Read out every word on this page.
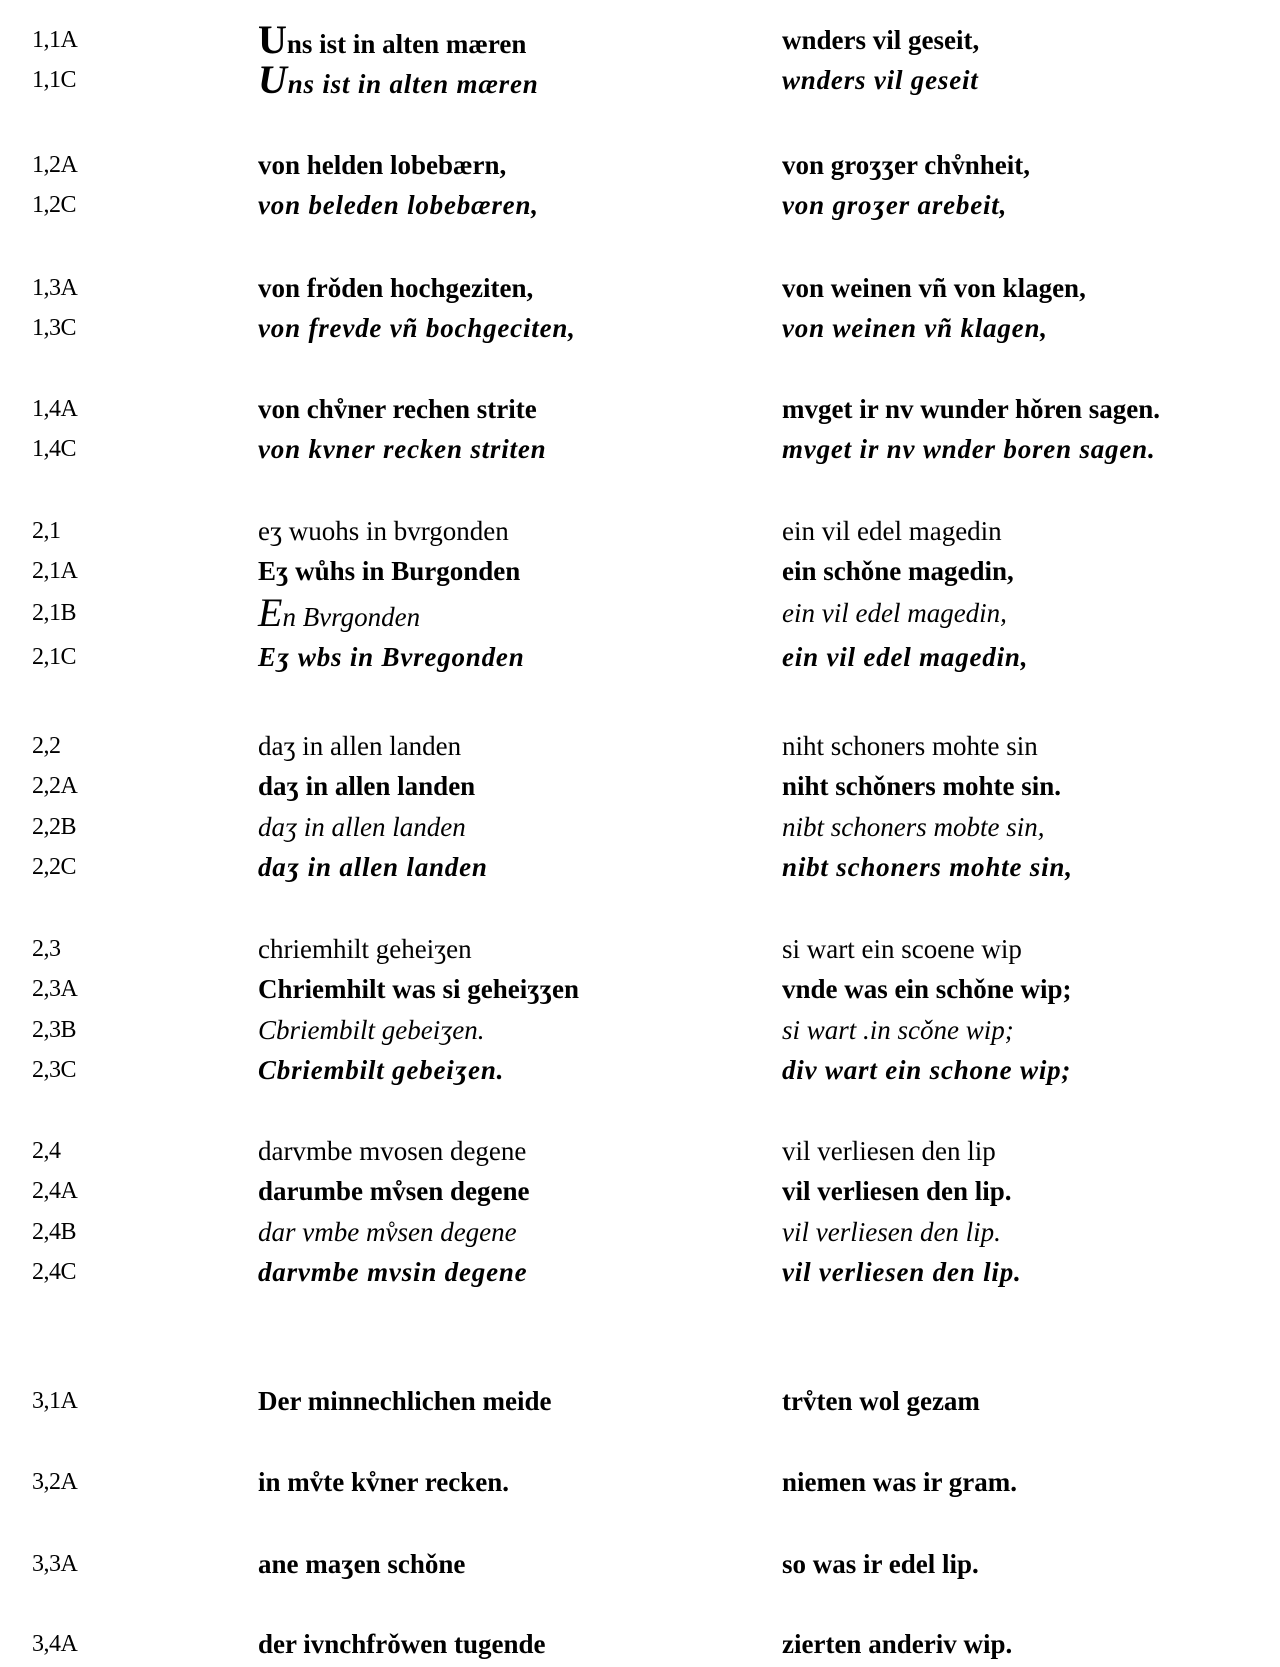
1,1A	Uns ist in alten mæren	wnders vil geseit,
1,1C	Uns ist in alten mæren	wnders vil geseit
1,2A	von helden lobebærn,	von groʒʒer chv̊nheit,
1,2C	von beleden lobebæren,	von groʒer arebeit,
1,3A	von frǒden hochgeziten,	von weinen vñ von klagen,
1,3C	von frevde vñ bochgeciten,	von weinen vñ klagen,
1,4A	von chv̊ner rechen strite	mvget ir nv wunder hǒren sagen.
1,4C	von kvner recken striten	mvget ir nv wnder boren sagen.
2,1	eʒ wuohs in bvrgonden	ein vil edel magedin
2,1A	Eʒ wůhs in Burgonden	ein schǒne magedin,
2,1B	En Bvrgonden	ein vil edel magedin,
2,1C	Eʒ wbs in Bvregonden	ein vil edel magedin,
2,2	daʒ in allen landen	niht schoners mohte sin
2,2A	daʒ in allen landen	niht schǒners mohte sin.
2,2B	daʒ in allen landen	nibt schoners mobte sin,
2,2C	daʒ in allen landen	nibt schoners mohte sin,
2,3	chriemhilt geheiʒen	si wart ein scoene wip
2,3A	Chriemhilt was si geheiʒʒen	vnde was ein schǒne wip;
2,3B	Cbriembilt gebeiʒen.	si wart .in scǒne wip;
2,3C	Cbriembilt gebeiʒen.	div wart ein schone wip;
2,4	darvmbe mvosen degene	vil verliesen den lip
2,4A	darumbe mv̊sen degene	vil verliesen den lip.
2,4B	dar vmbe mv̊sen degene	vil verliesen den lip.
2,4C	darvmbe mvsin degene	vil verliesen den lip.
3,1A	Der minnechlichen meide	trv̊ten wol gezam
3,2A	in mv̊te kv̊ner recken.	niemen was ir gram.
3,3A	ane maʒen schǒne	so was ir edel lip.
3,4A	der ivnchfrǒwen tugende	zierten anderiv wip.
